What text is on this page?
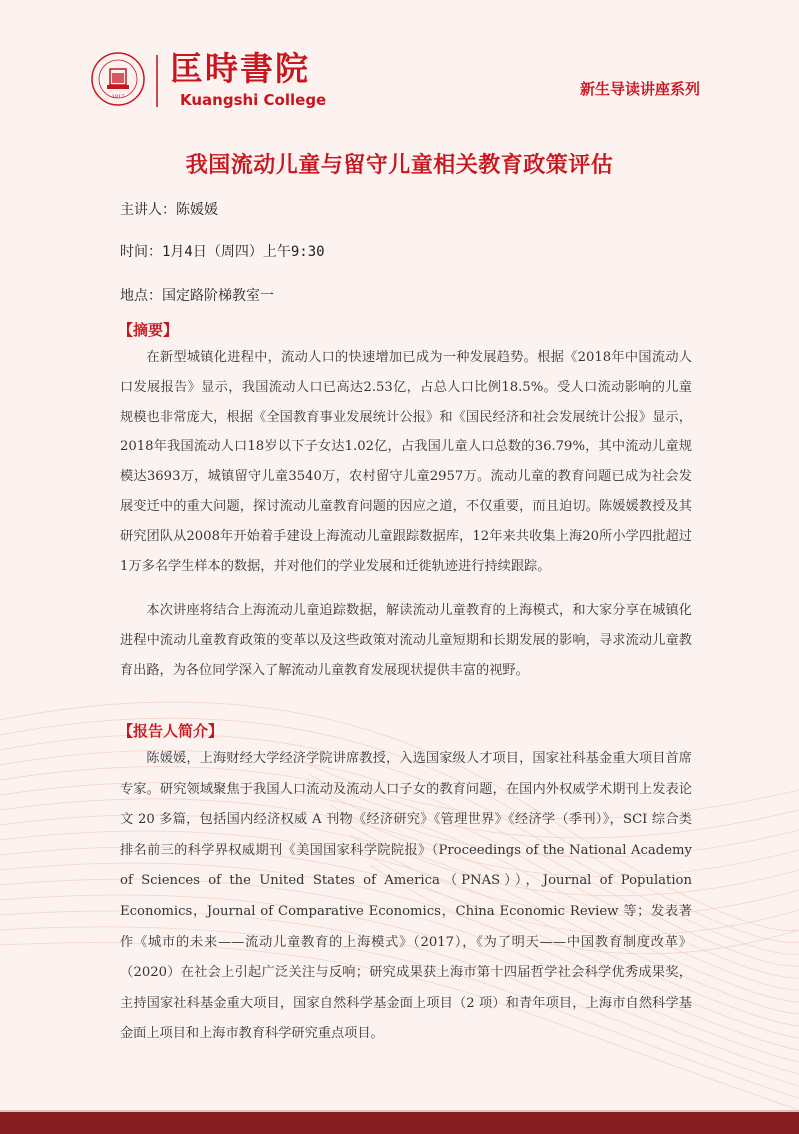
1917
匡時書院
Kuangshi College
新生导读讲座系列
我国流动儿童与留守儿童相关教育政策评估
主讲人：陈媛媛
时间：1月4日（周四）上午9:30
地点：国定路阶梯教室一
【摘要】

在新型城镇化进程中，流动人口的快速增加已成为一种发展趋势。根据《2018年中国流动人口发展报告》显示，我国流动人口已高达2.53亿，占总人口比例18.5%。受人口流动影响的儿童规模也非常庞大，根据《全国教育事业发展统计公报》和《国民经济和社会发展统计公报》显示，2018年我国流动人口18岁以下子女达1.02亿，占我国儿童人口总数的36.79%，其中流动儿童规模达3693万，城镇留守儿童3540万，农村留守儿童2957万。流动儿童的教育问题已成为社会发展变迁中的重大问题，探讨流动儿童教育问题的因应之道，不仅重要，而且迫切。陈媛媛教授及其研究团队从2008年开始着手建设上海流动儿童跟踪数据库，12年来共收集上海20所小学四批超过1万多名学生样本的数据，并对他们的学业发展和迁徙轨迹进行持续跟踪。

本次讲座将结合上海流动儿童追踪数据，解读流动儿童教育的上海模式，和大家分享在城镇化进程中流动儿童教育政策的变革以及这些政策对流动儿童短期和长期发展的影响，寻求流动儿童教育出路，为各位同学深入了解流动儿童教育发展现状提供丰富的视野。

【报告人简介】

陈媛媛，上海财经大学经济学院讲席教授，入选国家级人才项目，国家社科基金重大项目首席专家。研究领域聚焦于我国人口流动及流动人口子女的教育问题，在国内外权威学术期刊上发表论文 20 多篇，包括国内经济权威 A 刊物《经济研究》《管理世界》《经济学（季刊）》，SCI 综合类排名前三的科学界权威期刊《美国国家科学院院报》（Proceedings of the National Academy of Sciences of the United States of America（PNAS）），Journal of Population Economics，Journal of Comparative Economics，China Economic Review 等；发表著作《城市的未来——流动儿童教育的上海模式》（2017），《为了明天——中国教育制度改革》（2020）在社会上引起广泛关注与反响；研究成果获上海市第十四届哲学社会科学优秀成果奖，主持国家社科基金重大项目，国家自然科学基金面上项目（2 项）和青年项目，上海市自然科学基金面上项目和上海市教育科学研究重点项目。
